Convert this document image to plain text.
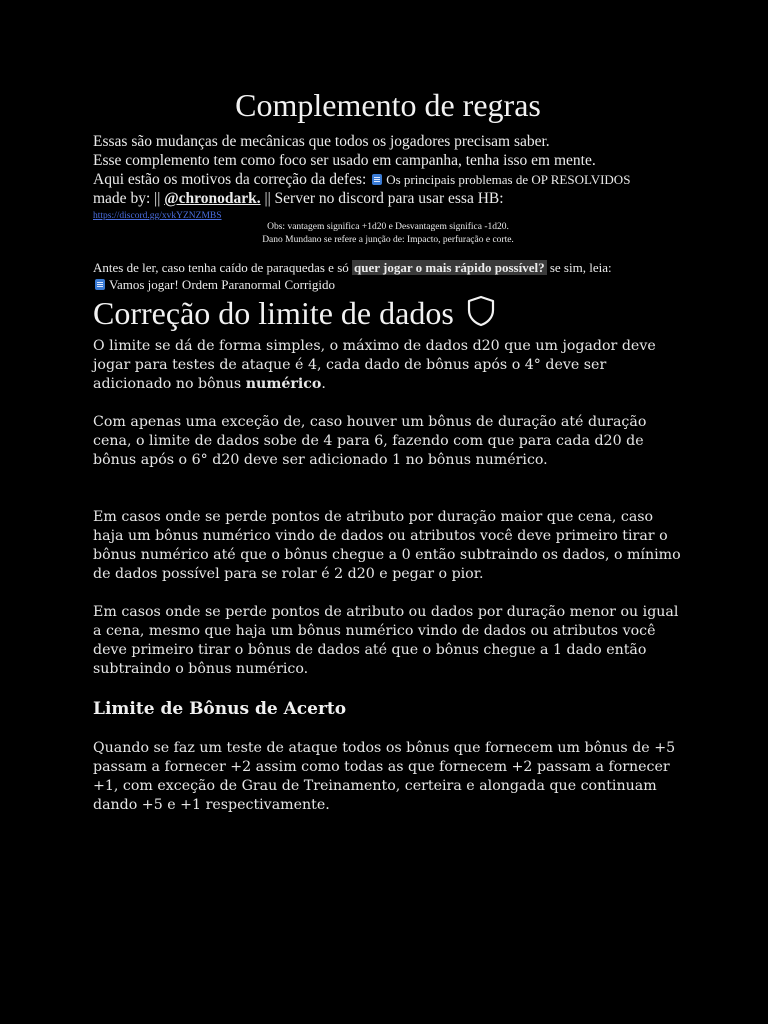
Complemento de regras
Essas são mudanças de mecânicas que todos os jogadores precisam saber.
Esse complemento tem como foco ser usado em campanha, tenha isso em mente.
Aqui estão os motivos da correção da defes: Os principais problemas de OP RESOLVIDOS
made by: || @chronodark. || Server no discord para usar essa HB:
https://discord.gg/xvkYZNZMBS
Obs: vantagem significa +1d20 e Desvantagem significa -1d20.
Dano Mundano se refere a junção de: Impacto, perfuração e corte.
Antes de ler, caso tenha caído de paraquedas e só quer jogar o mais rápido possível? se sim, leia:
Vamos jogar! Ordem Paranormal Corrigido
Correção do limite de dados

O limite se dá de forma simples, o máximo de dados d20 que um jogador deve jogar para testes de ataque é 4, cada dado de bônus após o 4° deve ser adicionado no bônus numérico.

Com apenas uma exceção de, caso houver um bônus de duração até duração cena, o limite de dados sobe de 4 para 6, fazendo com que para cada d20 de bônus após o 6° d20 deve ser adicionado 1 no bônus numérico.

Em casos onde se perde pontos de atributo por duração maior que cena, caso haja um bônus numérico vindo de dados ou atributos você deve primeiro tirar o bônus numérico até que o bônus chegue a 0 então subtraindo os dados, o mínimo de dados possível para se rolar é 2 d20 e pegar o pior.

Em casos onde se perde pontos de atributo ou dados por duração menor ou igual a cena, mesmo que haja um bônus numérico vindo de dados ou atributos você deve primeiro tirar o bônus de dados até que o bônus chegue a 1 dado então subtraindo o bônus numérico.

Limite de Bônus de Acerto

Quando se faz um teste de ataque todos os bônus que fornecem um bônus de +5 passam a fornecer +2 assim como todas as que fornecem +2 passam a fornecer +1, com exceção de Grau de Treinamento, certeira e alongada que continuam dando +5 e +1 respectivamente.
